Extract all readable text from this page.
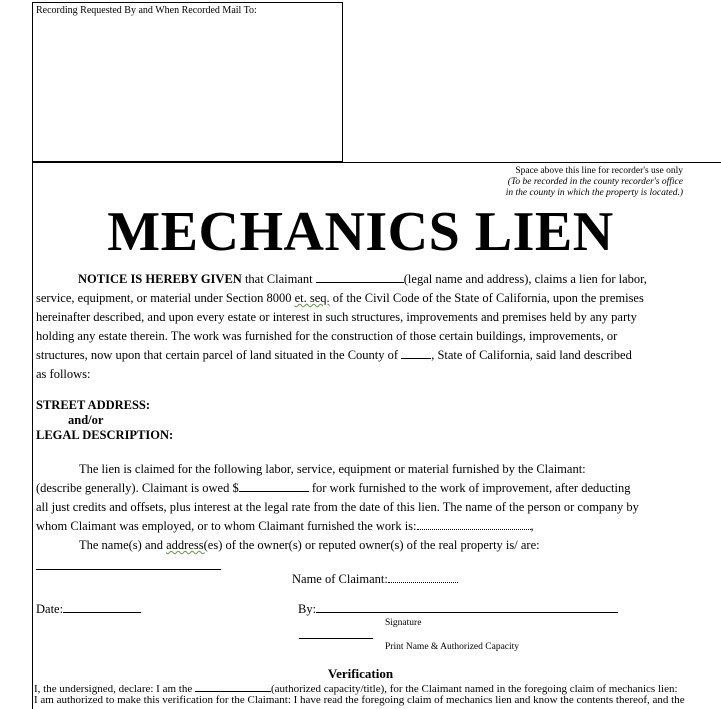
Recording Requested By and When Recorded Mail To:
Space above this line for recorder's use only
(To be recorded in the county recorder's office
in the county in which the property is located.)
MECHANICS LIEN
NOTICE IS HEREBY GIVEN that Claimant	(legal name and address), claims a lien for labor,
service, equipment, or material under Section 8000 et. seq. of the Civil Code of the State of California, upon the premises
hereinafter described, and upon every estate or interest in such structures, improvements and premises held by any party
holding any estate therein. The work was furnished for the construction of those certain buildings, improvements, or
structures, now upon that certain parcel of land situated in the County of , State of California, said land described
as follows:
STREET ADDRESS:
and/or
LEGAL DESCRIPTION:
The lien is claimed for the following labor, service, equipment or material furnished by the Claimant:
(describe generally). Claimant is owed $	for work furnished to the work of improvement, after deducting
all just credits and offsets, plus interest at the legal rate from the date of this lien. The name of the person or company by
whom Claimant was employed, or to whom Claimant furnished the work is:	,
The name(s) and address(es) of the owner(s) or reputed owner(s) of the real property is/ are:
Name of Claimant:
Date:	By:
Signature
Print Name & Authorized Capacity
Verification
I, the undersigned, declare: I am the	(authorized capacity/title), for the Claimant named in the foregoing claim of mechanics lien:
I am authorized to make this verification for the Claimant: I have read the foregoing claim of mechanics lien and know the contents thereof, and the
